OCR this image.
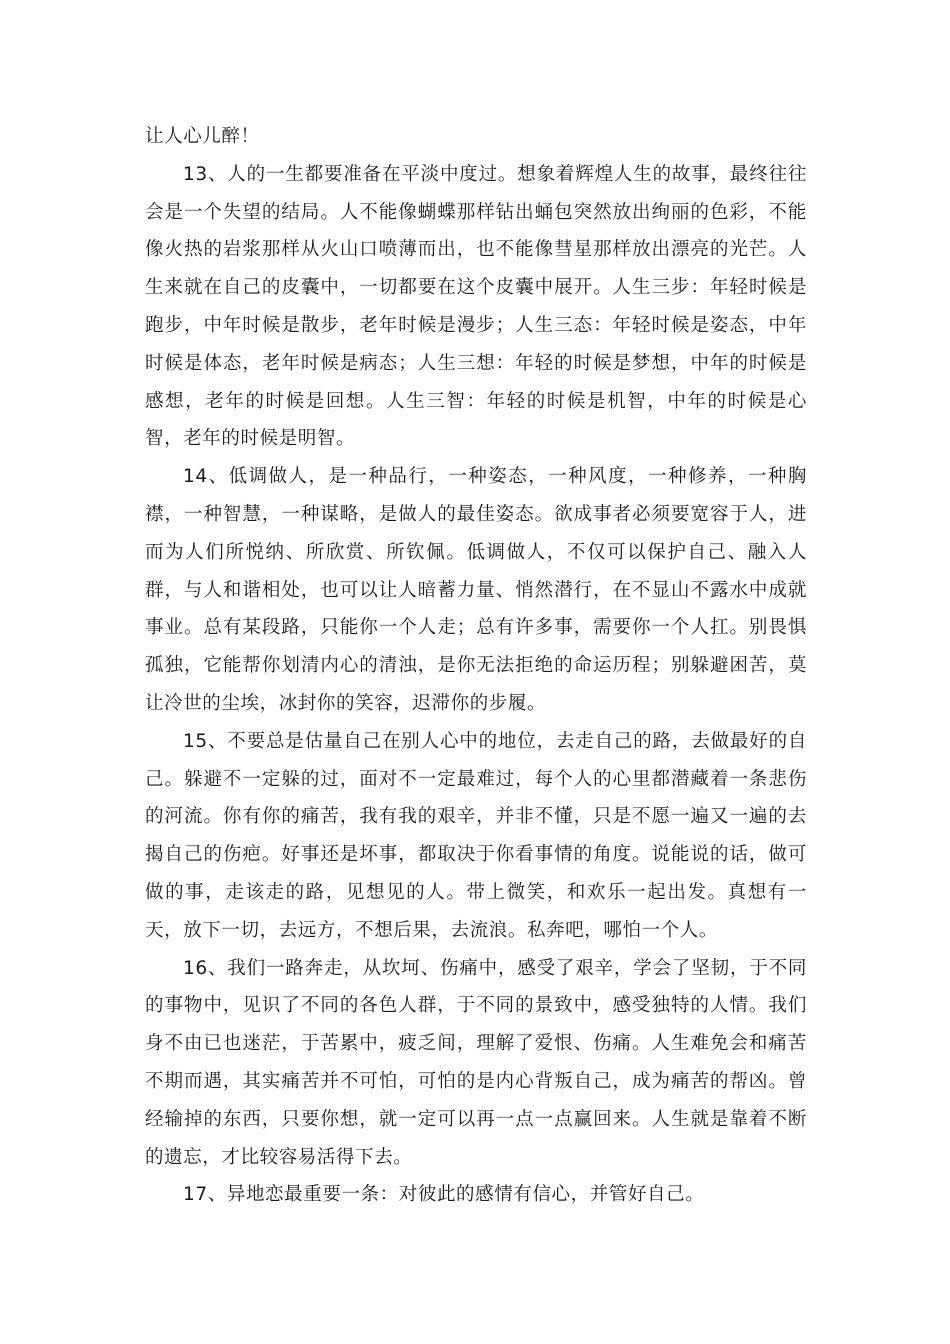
让人心儿醉！

13、人的一生都要准备在平淡中度过。想象着辉煌人生的故事，最终往往会是一个失望的结局。人不能像蝴蝶那样钻出蛹包突然放出绚丽的色彩，不能像火热的岩浆那样从火山口喷薄而出，也不能像彗星那样放出漂亮的光芒。人生来就在自己的皮囊中，一切都要在这个皮囊中展开。人生三步：年轻时候是跑步，中年时候是散步，老年时候是漫步；人生三态：年轻时候是姿态，中年时候是体态，老年时候是病态；人生三想：年轻的时候是梦想，中年的时候是感想，老年的时候是回想。人生三智：年轻的时候是机智，中年的时候是心智，老年的时候是明智。

14、低调做人，是一种品行，一种姿态，一种风度，一种修养，一种胸襟，一种智慧，一种谋略，是做人的最佳姿态。欲成事者必须要宽容于人，进而为人们所悦纳、所欣赏、所钦佩。低调做人，不仅可以保护自己、融入人群，与人和谐相处，也可以让人暗蓄力量、悄然潜行，在不显山不露水中成就事业。总有某段路，只能你一个人走；总有许多事，需要你一个人扛。别畏惧孤独，它能帮你划清内心的清浊，是你无法拒绝的命运历程；别躲避困苦，莫让冷世的尘埃，冰封你的笑容，迟滞你的步履。

15、不要总是估量自己在别人心中的地位，去走自己的路，去做最好的自己。躲避不一定躲的过，面对不一定最难过，每个人的心里都潜藏着一条悲伤的河流。你有你的痛苦，我有我的艰辛，并非不懂，只是不愿一遍又一遍的去揭自己的伤疤。好事还是坏事，都取决于你看事情的角度。说能说的话，做可做的事，走该走的路，见想见的人。带上微笑，和欢乐一起出发。真想有一天，放下一切，去远方，不想后果，去流浪。私奔吧，哪怕一个人。

16、我们一路奔走，从坎坷、伤痛中，感受了艰辛，学会了坚韧，于不同的事物中，见识了不同的各色人群，于不同的景致中，感受独特的人情。我们身不由已也迷茫，于苦累中，疲乏间，理解了爱恨、伤痛。人生难免会和痛苦不期而遇，其实痛苦并不可怕，可怕的是内心背叛自己，成为痛苦的帮凶。曾经输掉的东西，只要你想，就一定可以再一点一点赢回来。人生就是靠着不断的遗忘，才比较容易活得下去。

17、异地恋最重要一条：对彼此的感情有信心，并管好自己。
